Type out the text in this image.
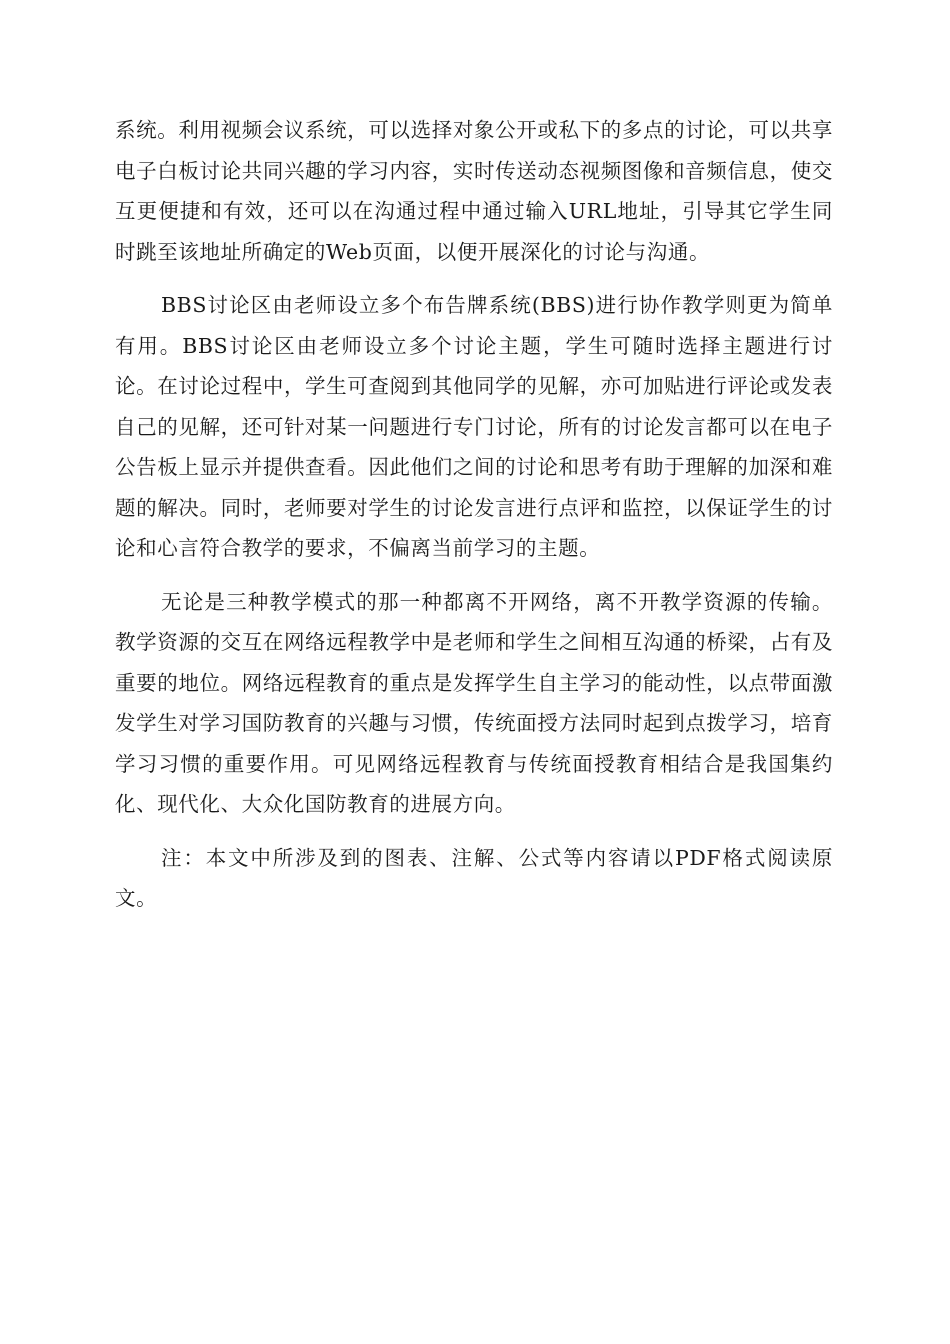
系统。利用视频会议系统，可以选择对象公开或私下的多点的讨论，可以共享电子白板讨论共同兴趣的学习内容，实时传送动态视频图像和音频信息，使交互更便捷和有效，还可以在沟通过程中通过输入URL地址，引导其它学生同时跳至该地址所确定的Web页面，以便开展深化的讨论与沟通。

BBS讨论区由老师设立多个布告牌系统(BBS)进行协作教学则更为简单有用。BBS讨论区由老师设立多个讨论主题，学生可随时选择主题进行讨论。在讨论过程中，学生可查阅到其他同学的见解，亦可加贴进行评论或发表自己的见解，还可针对某一问题进行专门讨论，所有的讨论发言都可以在电子公告板上显示并提供查看。因此他们之间的讨论和思考有助于理解的加深和难题的解决。同时，老师要对学生的讨论发言进行点评和监控，以保证学生的讨论和心言符合教学的要求，不偏离当前学习的主题。

无论是三种教学模式的那一种都离不开网络，离不开教学资源的传输。教学资源的交互在网络远程教学中是老师和学生之间相互沟通的桥梁，占有及重要的地位。网络远程教育的重点是发挥学生自主学习的能动性，以点带面激发学生对学习国防教育的兴趣与习惯，传统面授方法同时起到点拨学习，培育学习习惯的重要作用。可见网络远程教育与传统面授教育相结合是我国集约化、现代化、大众化国防教育的进展方向。

注：本文中所涉及到的图表、注解、公式等内容请以PDF格式阅读原文。
